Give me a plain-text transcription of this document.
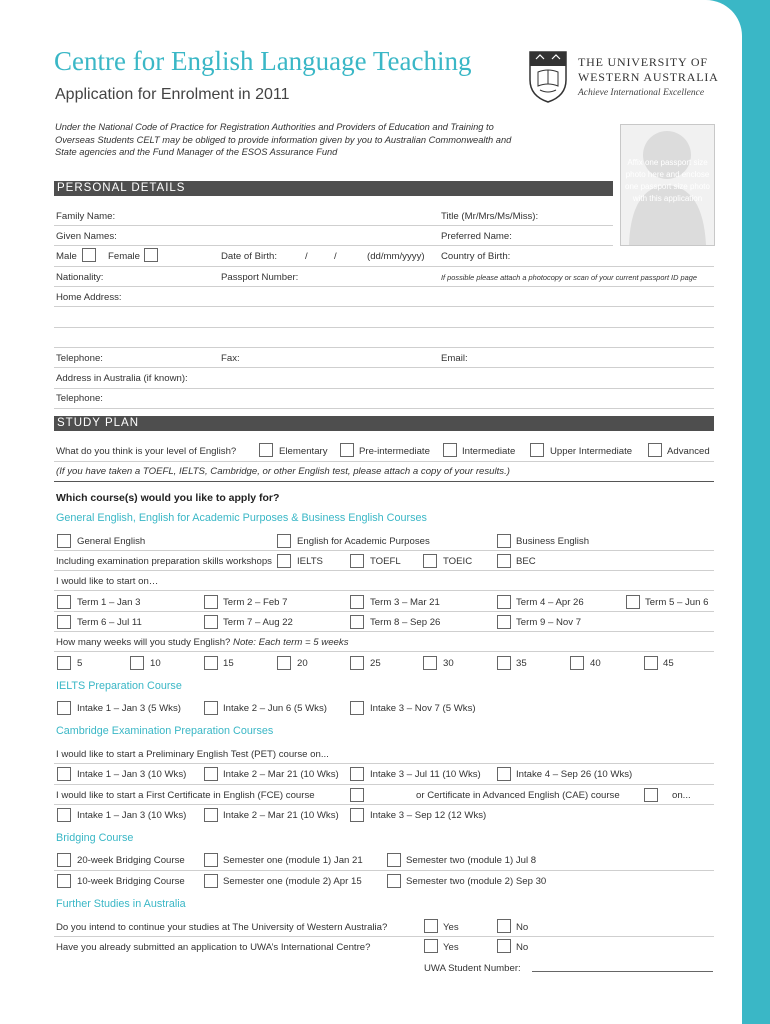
Centre for English Language Teaching
Application for Enrolment in 2011
THE UNIVERSITY OF
WESTERN AUSTRALIA
Achieve International Excellence
Under the National Code of Practice for Registration Authorities and Providers of Education and Training to Overseas Students CELT may be obliged to provide information given by you to Australian Commonwealth and State agencies and the Fund Manager of the ESOS Assurance Fund
Affix one passport size photo here and enclose one passport size photo with this application
PERSONAL DETAILS
Family Name:	Title (Mr/Mrs/Ms/Miss):
Given Names:	Preferred Name:
Male	Female	Date of Birth:	/	/	(dd/mm/yyyy) Country of Birth:
Nationality:	Passport Number:	If possible please attach a photocopy or scan of your current passport ID page
Home Address:
Telephone:	Fax:	Email:
Address in Australia (if known):
Telephone:
STUDY PLAN
What do you think is your level of English?	Elementary	Pre-intermediate	Intermediate	Upper Intermediate	Advanced
(If you have taken a TOEFL, IELTS, Cambridge, or other English test, please attach a copy of your results.)
Which course(s) would you like to apply for?
General English, English for Academic Purposes & Business English Courses
General English	English for Academic Purposes	Business English
Including examination preparation skills workshops	IELTS	TOEFL	TOEIC	BEC
I would like to start on…
Term 1 – Jan 3	Term 2 – Feb 7	Term 3 – Mar 21	Term 4 – Apr 26	Term 5 – Jun 6
Term 6 – Jul 11	Term 7 – Aug 22	Term 8 – Sep 26	Term 9 – Nov 7
How many weeks will you study English? Note: Each term = 5 weeks
5	10	15	20	25	30	35	40	45
IELTS Preparation Course
Intake 1 – Jan 3 (5 Wks)	Intake 2 – Jun 6 (5 Wks)	Intake 3 – Nov 7 (5 Wks)
Cambridge Examination Preparation Courses
I would like to start a Preliminary English Test (PET) course on...
Intake 1 – Jan 3 (10 Wks)	Intake 2 – Mar 21 (10 Wks)	Intake 3 – Jul 11 (10 Wks)	Intake 4 – Sep 26 (10 Wks)
I would like to start a First Certificate in English (FCE) course	or Certificate in Advanced English (CAE) course	on...
Intake 1 – Jan 3 (10 Wks)	Intake 2 – Mar 21 (10 Wks)	Intake 3 – Sep 12 (12 Wks)
Bridging Course
20-week Bridging Course	Semester one (module 1) Jan 21	Semester two (module 1) Jul 8
10-week Bridging Course	Semester one (module 2) Apr 15	Semester two (module 2) Sep 30
Further Studies in Australia
Do you intend to continue your studies at The University of Western Australia?	Yes	No
Have you already submitted an application to UWA’s International Centre?	Yes	No
UWA Student Number:
